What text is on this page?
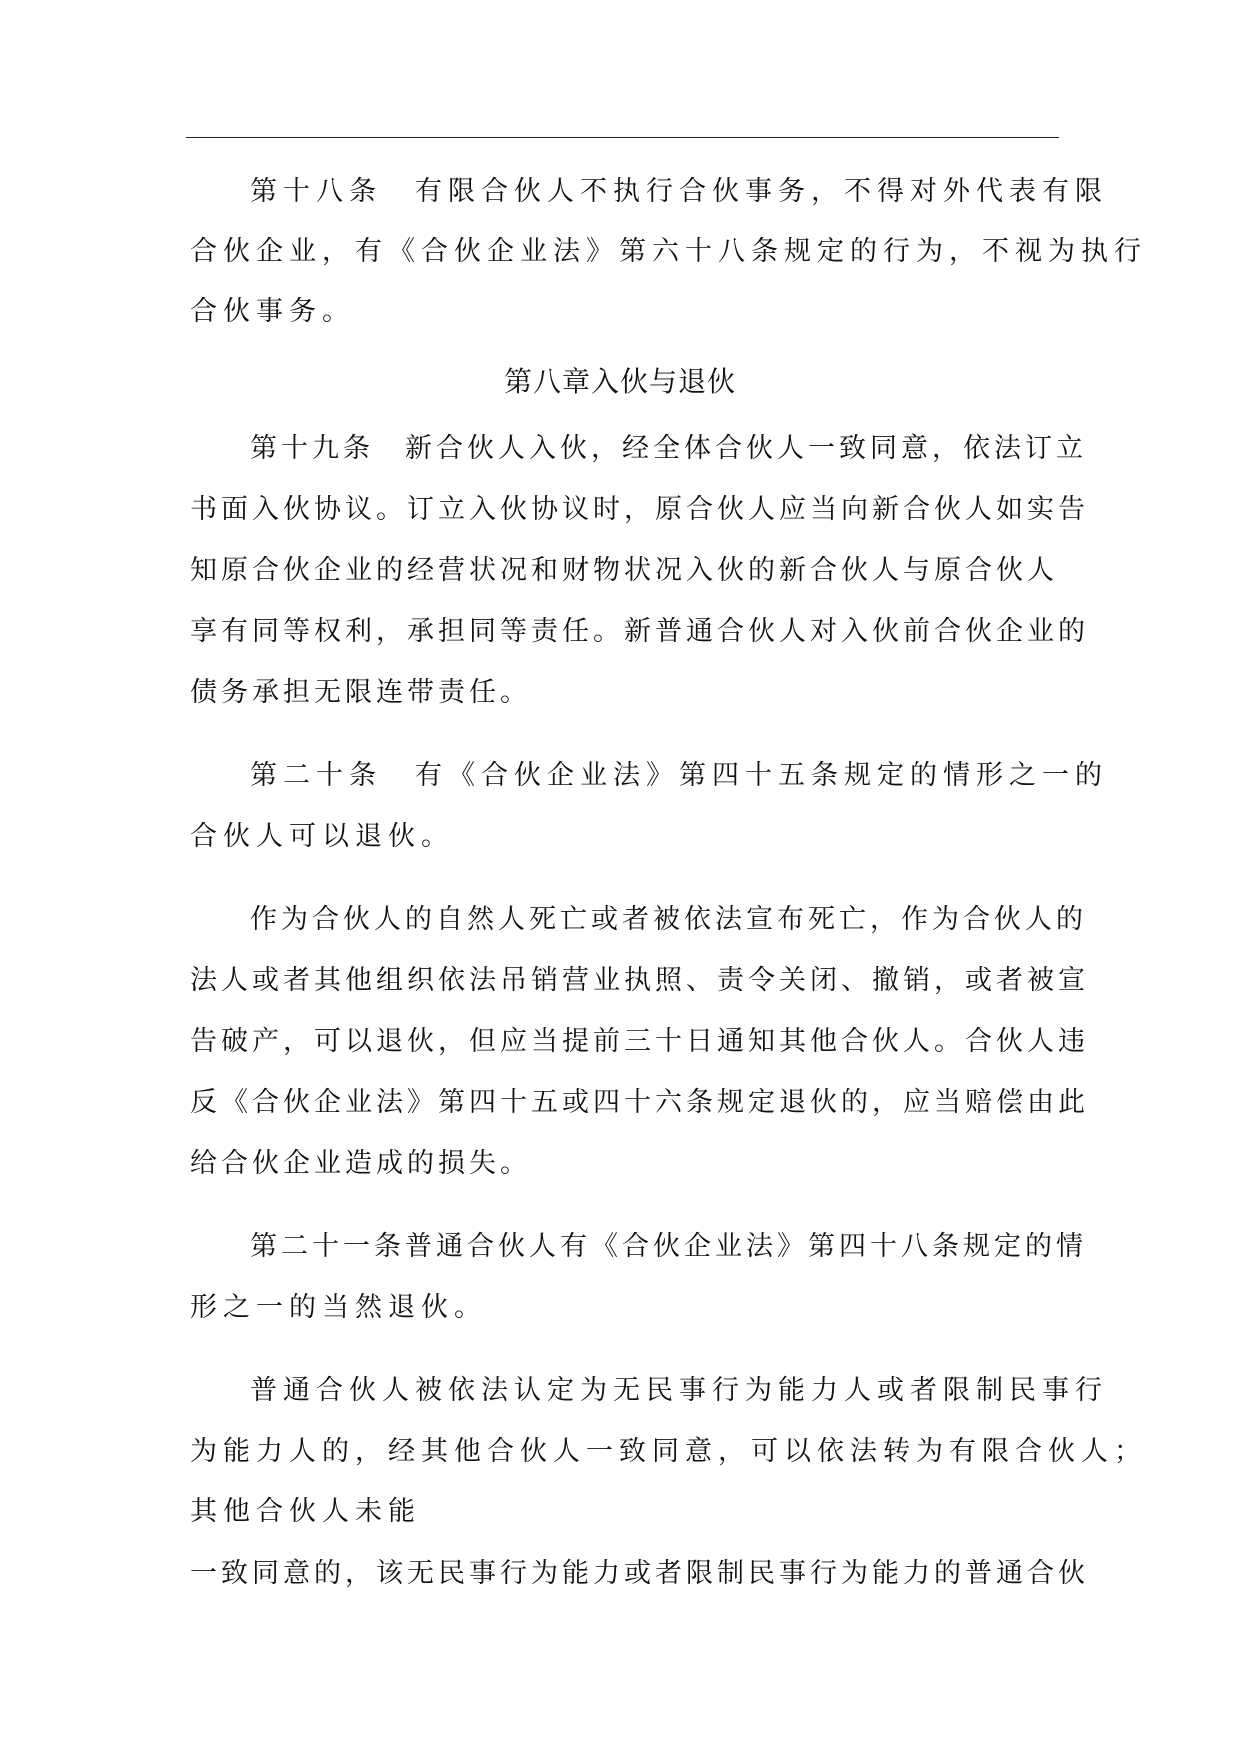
第十八条　有限合伙人不执行合伙事务，不得对外代表有限
合伙企业，有《合伙企业法》第六十八条规定的行为，不视为执行
合伙事务。
第八章入伙与退伙
第十九条　新合伙人入伙，经全体合伙人一致同意，依法订立
书面入伙协议。订立入伙协议时，原合伙人应当向新合伙人如实告
知原合伙企业的经营状况和财物状况入伙的新合伙人与原合伙人
享有同等权利，承担同等责任。新普通合伙人对入伙前合伙企业的
债务承担无限连带责任。
第二十条　有《合伙企业法》第四十五条规定的情形之一的
合伙人可以退伙。
作为合伙人的自然人死亡或者被依法宣布死亡，作为合伙人的
法人或者其他组织依法吊销营业执照、责令关闭、撤销，或者被宣
告破产，可以退伙，但应当提前三十日通知其他合伙人。合伙人违
反《合伙企业法》第四十五或四十六条规定退伙的，应当赔偿由此
给合伙企业造成的损失。
第二十一条普通合伙人有《合伙企业法》第四十八条规定的情
形之一的当然退伙。
普通合伙人被依法认定为无民事行为能力人或者限制民事行
为能力人的，经其他合伙人一致同意，可以依法转为有限合伙人；
其他合伙人未能
一致同意的，该无民事行为能力或者限制民事行为能力的普通合伙
